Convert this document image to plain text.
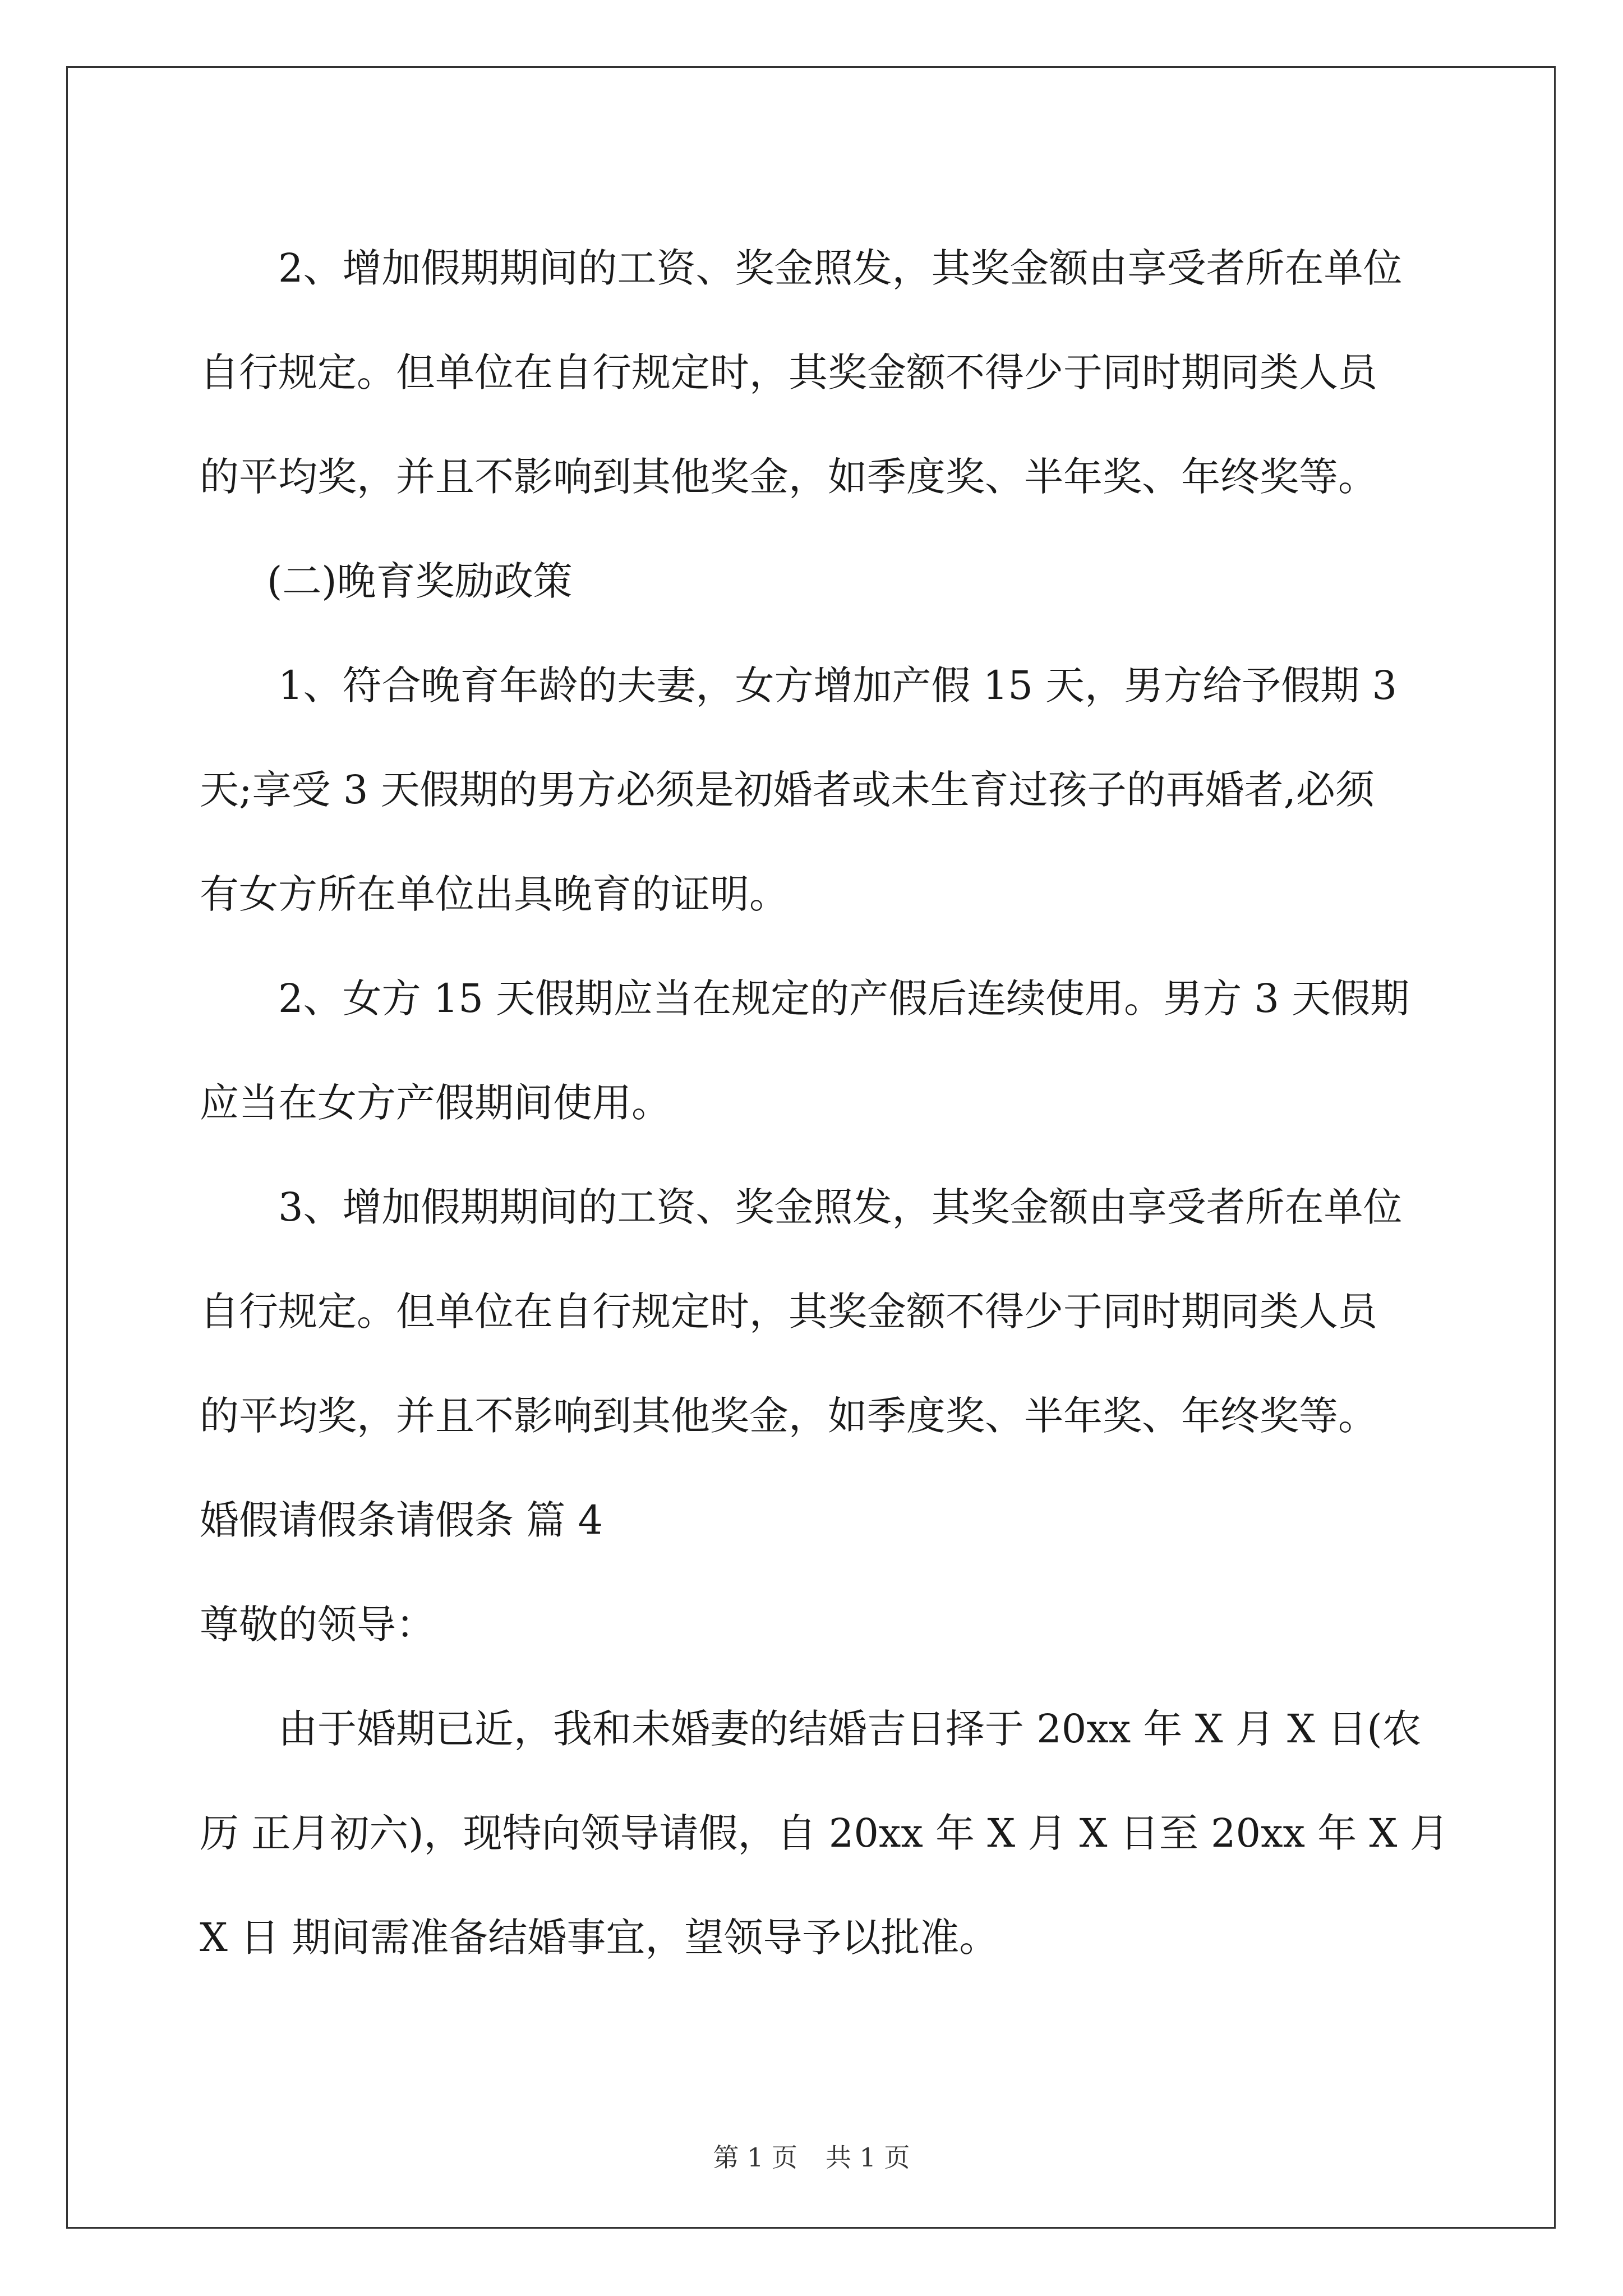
2、增加假期期间的工资、奖金照发，其奖金额由享受者所在单位
自行规定。但单位在自行规定时，其奖金额不得少于同时期同类人员
的平均奖，并且不影响到其他奖金，如季度奖、半年奖、年终奖等。
(二)晚育奖励政策
1、符合晚育年龄的夫妻，女方增加产假 15 天，男方给予假期 3
天;享受 3 天假期的男方必须是初婚者或未生育过孩子的再婚者,必须
有女方所在单位出具晚育的证明。
2、女方 15 天假期应当在规定的产假后连续使用。男方 3 天假期
应当在女方产假期间使用。
3、增加假期期间的工资、奖金照发，其奖金额由享受者所在单位
自行规定。但单位在自行规定时，其奖金额不得少于同时期同类人员
的平均奖，并且不影响到其他奖金，如季度奖、半年奖、年终奖等。
婚假请假条请假条 篇 4
尊敬的领导：
由于婚期已近，我和未婚妻的结婚吉日择于 20xx 年 X 月 X 日(农
历 正月初六)，现特向领导请假，自 20xx 年 X 月 X 日至 20xx 年 X 月
X 日 期间需准备结婚事宜，望领导予以批准。
第 1 页 共 1 页
